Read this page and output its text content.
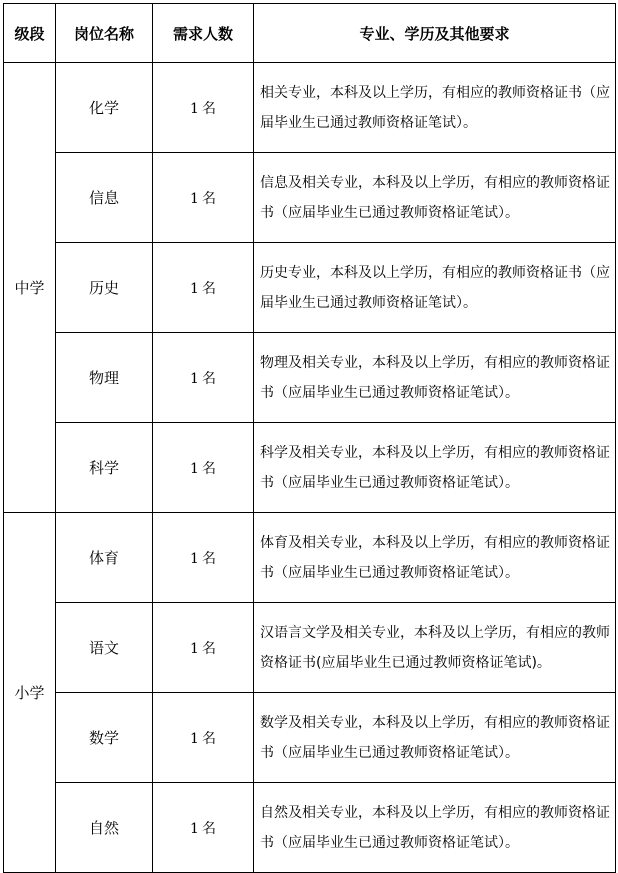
级段	岗位名称	需求人数	专业、学历及其他要求
中学	化学	1 名	相关专业，本科及以上学历，有相应的教师资格证书（应届毕业生已通过教师资格证笔试）。
	信息	1 名	信息及相关专业，本科及以上学历，有相应的教师资格证书（应届毕业生已通过教师资格证笔试）。
	历史	1 名	历史专业，本科及以上学历，有相应的教师资格证书（应届毕业生已通过教师资格证笔试）。
	物理	1 名	物理及相关专业，本科及以上学历，有相应的教师资格证书（应届毕业生已通过教师资格证笔试）。
	科学	1 名	科学及相关专业，本科及以上学历，有相应的教师资格证书（应届毕业生已通过教师资格证笔试）。
小学	体育	1 名	体育及相关专业，本科及以上学历，有相应的教师资格证书（应届毕业生已通过教师资格证笔试）。
	语文	1 名	汉语言文学及相关专业，本科及以上学历，有相应的教师资格证书(应届毕业生已通过教师资格证笔试)。
	数学	1 名	数学及相关专业，本科及以上学历，有相应的教师资格证书（应届毕业生已通过教师资格证笔试）。
	自然	1 名	自然及相关专业，本科及以上学历，有相应的教师资格证书（应届毕业生已通过教师资格证笔试）。
